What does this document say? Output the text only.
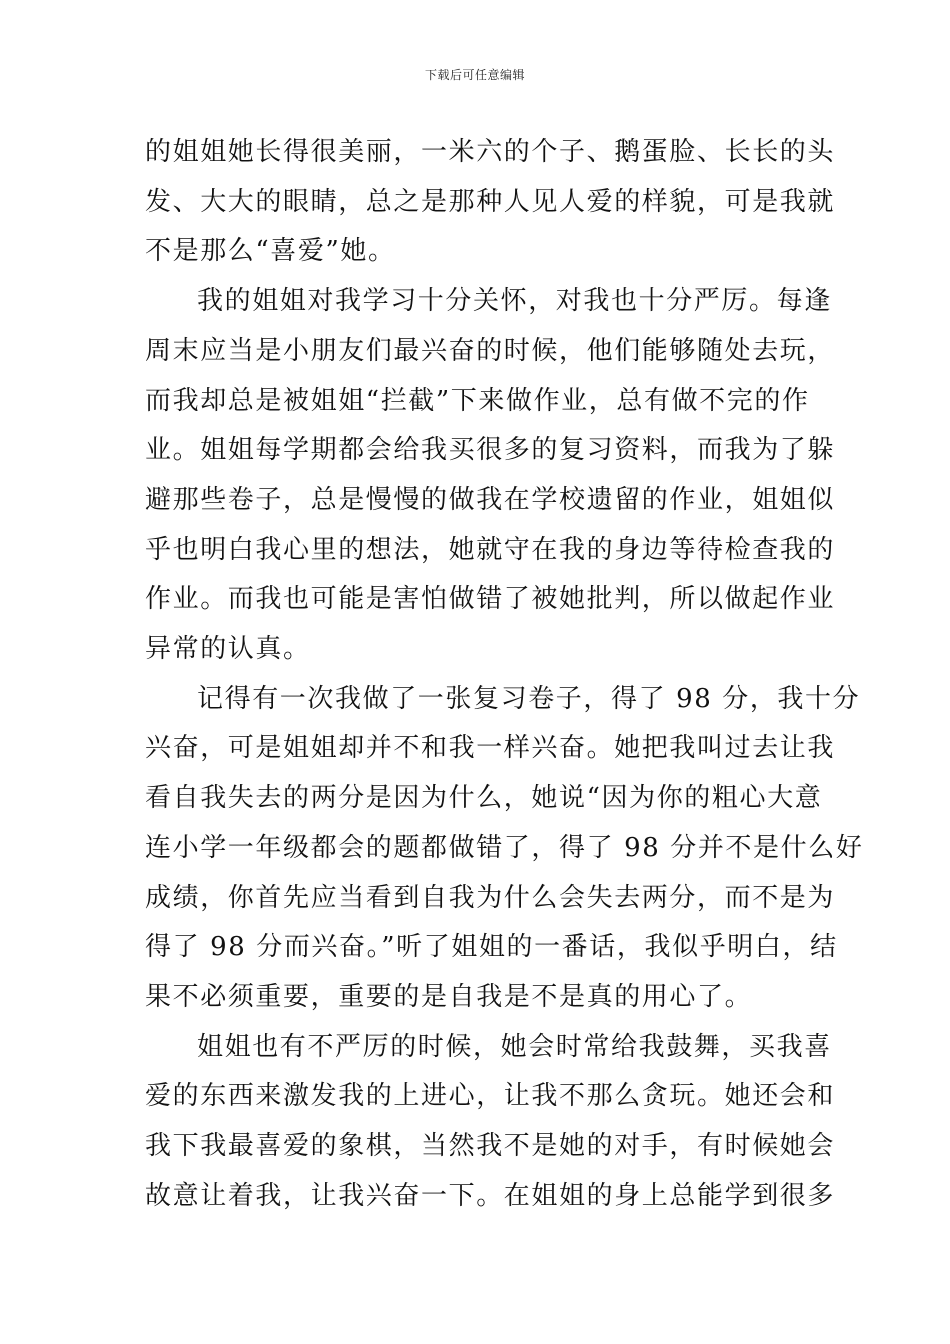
下载后可任意编辑

的姐姐她长得很美丽，一米六的个子、鹅蛋脸、长长的头
发、大大的眼睛，总之是那种人见人爱的样貌，可是我就
不是那么“喜爱”她。

我的姐姐对我学习十分关怀，对我也十分严厉。每逢
周末应当是小朋友们最兴奋的时候，他们能够随处去玩，
而我却总是被姐姐“拦截”下来做作业，总有做不完的作
业。姐姐每学期都会给我买很多的复习资料，而我为了躲
避那些卷子，总是慢慢的做我在学校遗留的作业，姐姐似
乎也明白我心里的想法，她就守在我的身边等待检查我的
作业。而我也可能是害怕做错了被她批判，所以做起作业
异常的认真。

记得有一次我做了一张复习卷子，得了 98 分，我十分
兴奋，可是姐姐却并不和我一样兴奋。她把我叫过去让我
看自我失去的两分是因为什么，她说“因为你的粗心大意
连小学一年级都会的题都做错了，得了 98 分并不是什么好
成绩，你首先应当看到自我为什么会失去两分，而不是为
得了 98 分而兴奋。”听了姐姐的一番话，我似乎明白，结
果不必须重要，重要的是自我是不是真的用心了。

姐姐也有不严厉的时候，她会时常给我鼓舞，买我喜
爱的东西来激发我的上进心，让我不那么贪玩。她还会和
我下我最喜爱的象棋，当然我不是她的对手，有时候她会
故意让着我，让我兴奋一下。在姐姐的身上总能学到很多
